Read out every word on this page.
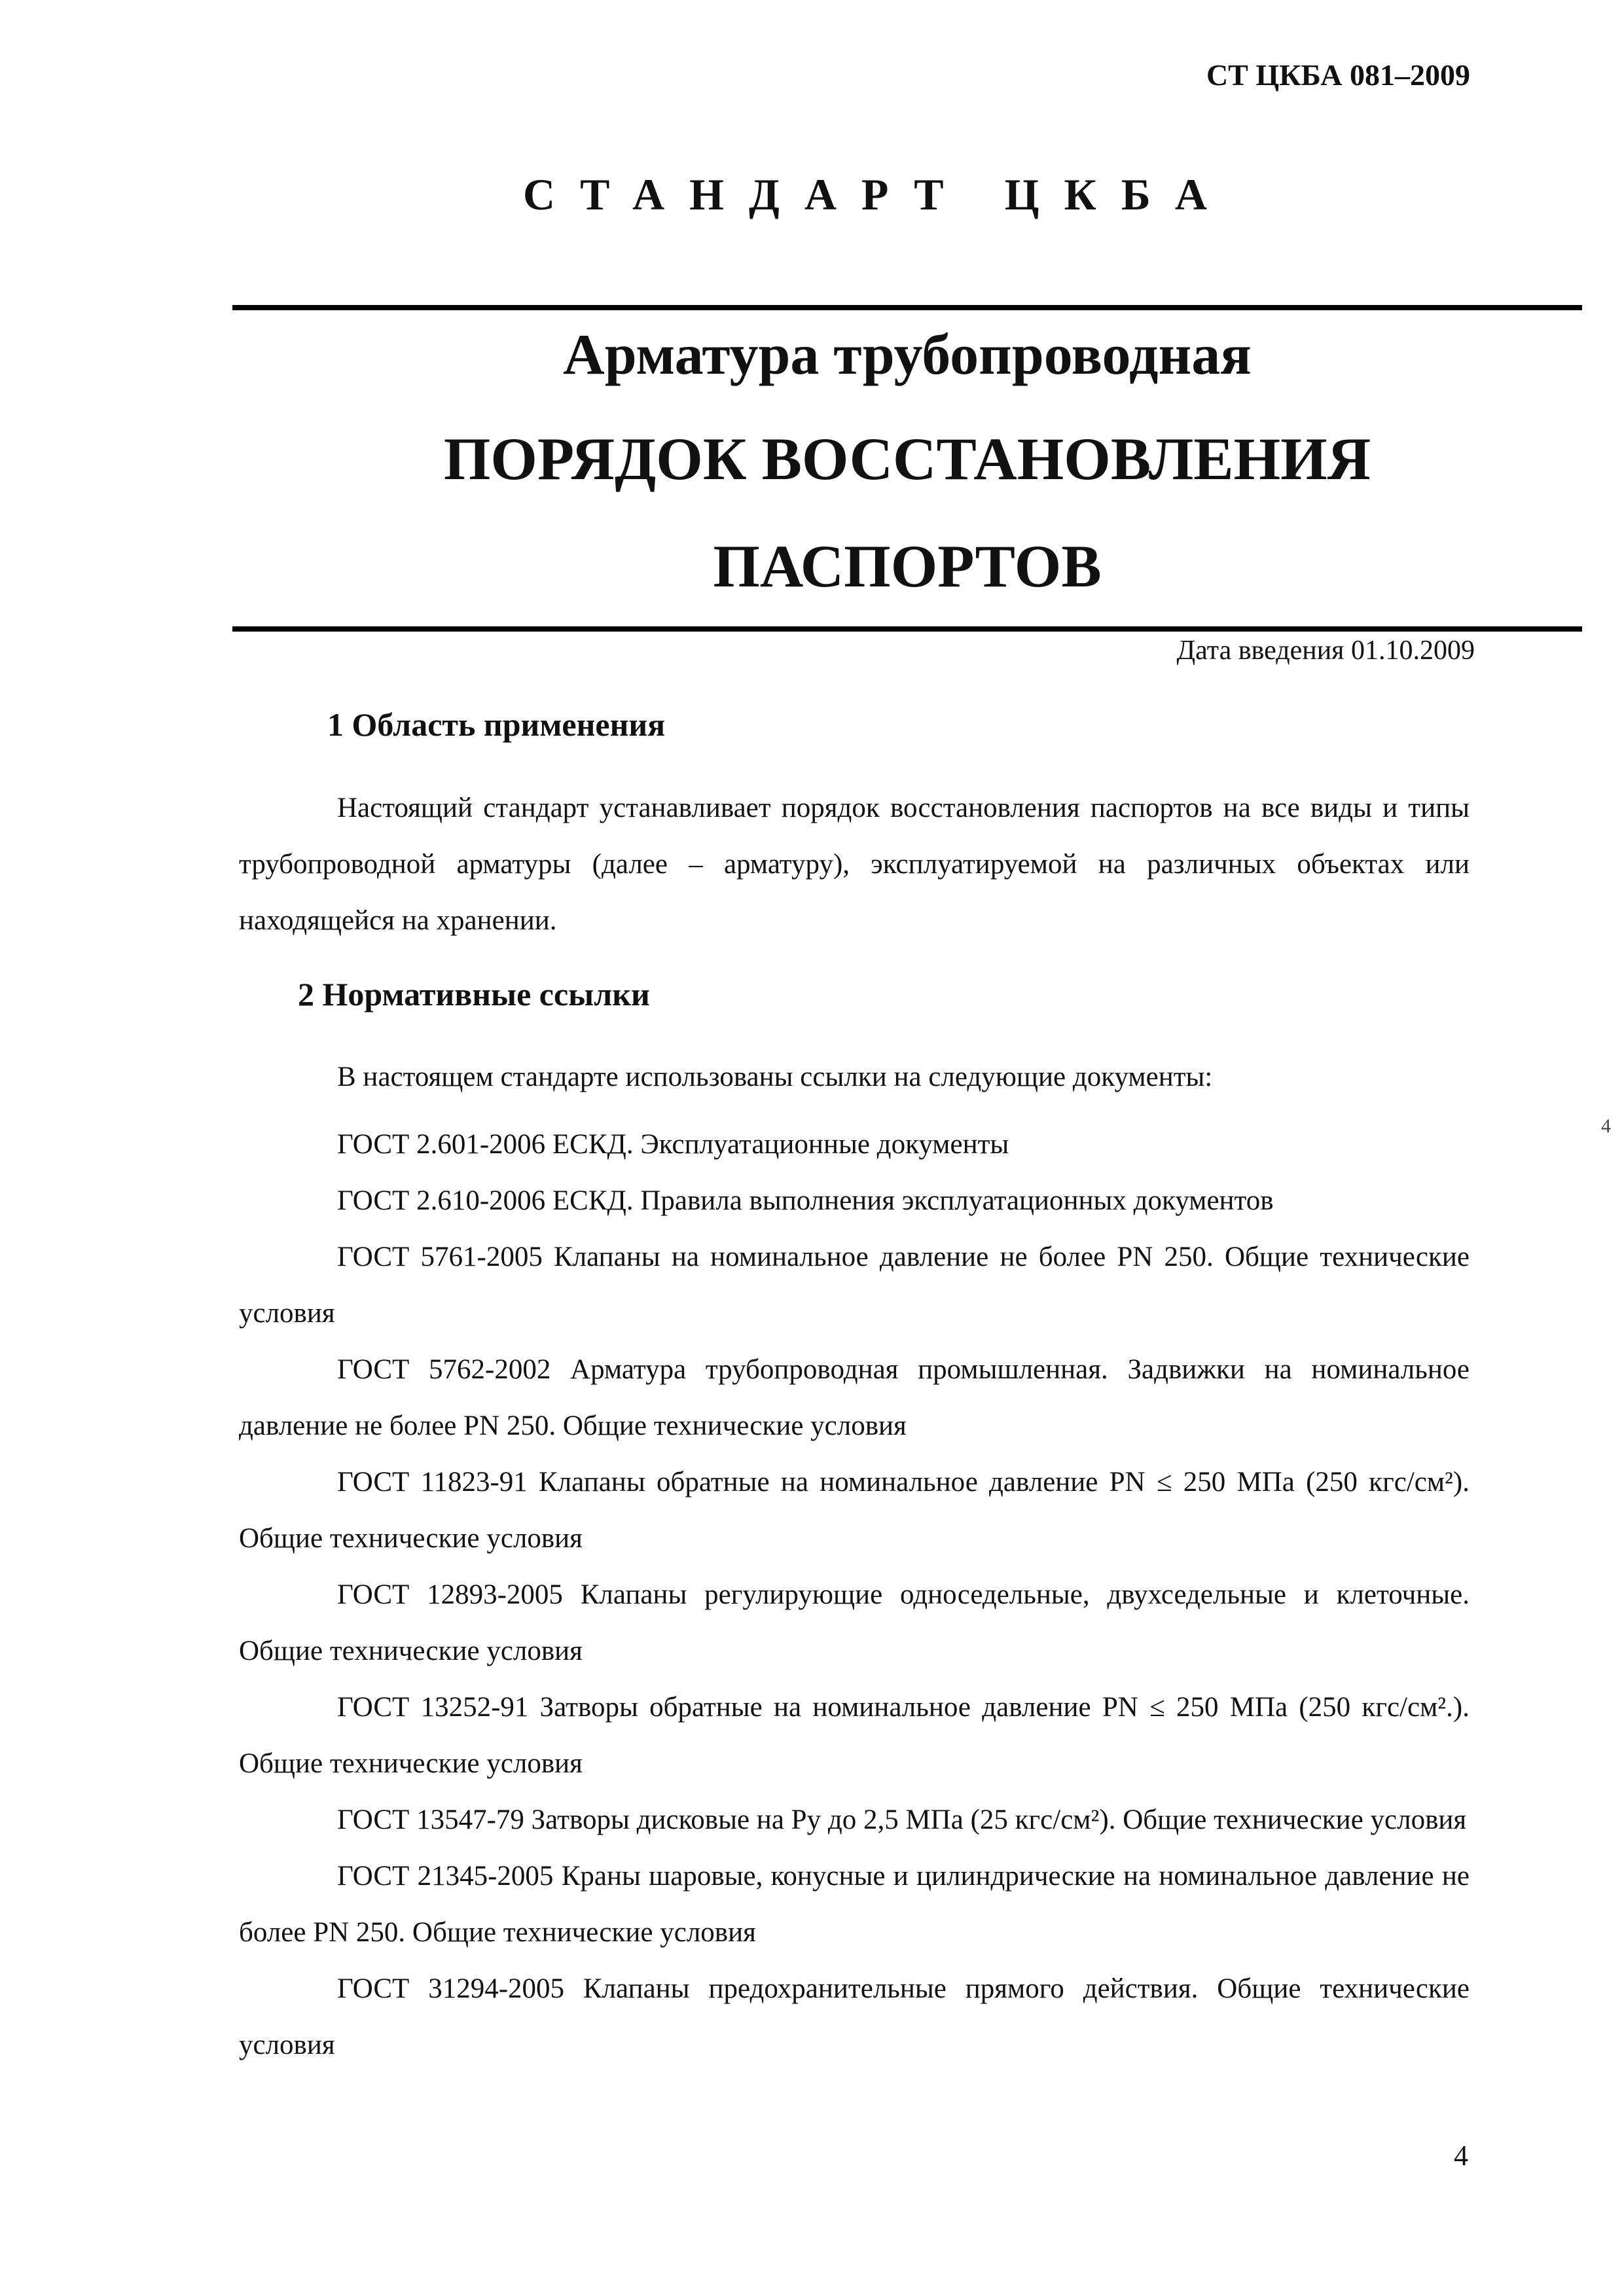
СТ ЦКБА 081–2009
СТАНДАРТ ЦКБА
Арматура трубопроводная
ПОРЯДОК ВОССТАНОВЛЕНИЯ
ПАСПОРТОВ
Дата введения 01.10.2009
1 Область применения
Настоящий стандарт устанавливает порядок восстановления паспортов на все виды и типы трубопроводной арматуры (далее – арматуру), эксплуатируемой на различных объектах или находящейся на хранении.
2 Нормативные ссылки
В настоящем стандарте использованы ссылки на следующие документы:
ГОСТ 2.601-2006 ЕСКД. Эксплуатационные документы
ГОСТ 2.610-2006 ЕСКД. Правила выполнения эксплуатационных документов
ГОСТ 5761-2005 Клапаны на номинальное давление не более PN 250. Общие технические условия
ГОСТ 5762-2002 Арматура трубопроводная промышленная. Задвижки на номинальное давление не более PN 250. Общие технические условия
ГОСТ 11823-91 Клапаны обратные на номинальное давление PN ≤ 250 МПа (250 кгс/см²). Общие технические условия
ГОСТ 12893-2005 Клапаны регулирующие односедельные, двухседельные и клеточные. Общие технические условия
ГОСТ 13252-91 Затворы обратные на номинальное давление PN ≤ 250 МПа (250 кгс/см².). Общие технические условия
ГОСТ 13547-79 Затворы дисковые на Ру до 2,5 МПа (25 кгс/см²). Общие технические условия
ГОСТ 21345-2005 Краны шаровые, конусные и цилиндрические на номинальное давление не более PN 250. Общие технические условия
ГОСТ 31294-2005 Клапаны предохранительные прямого действия. Общие технические условия
4
4
